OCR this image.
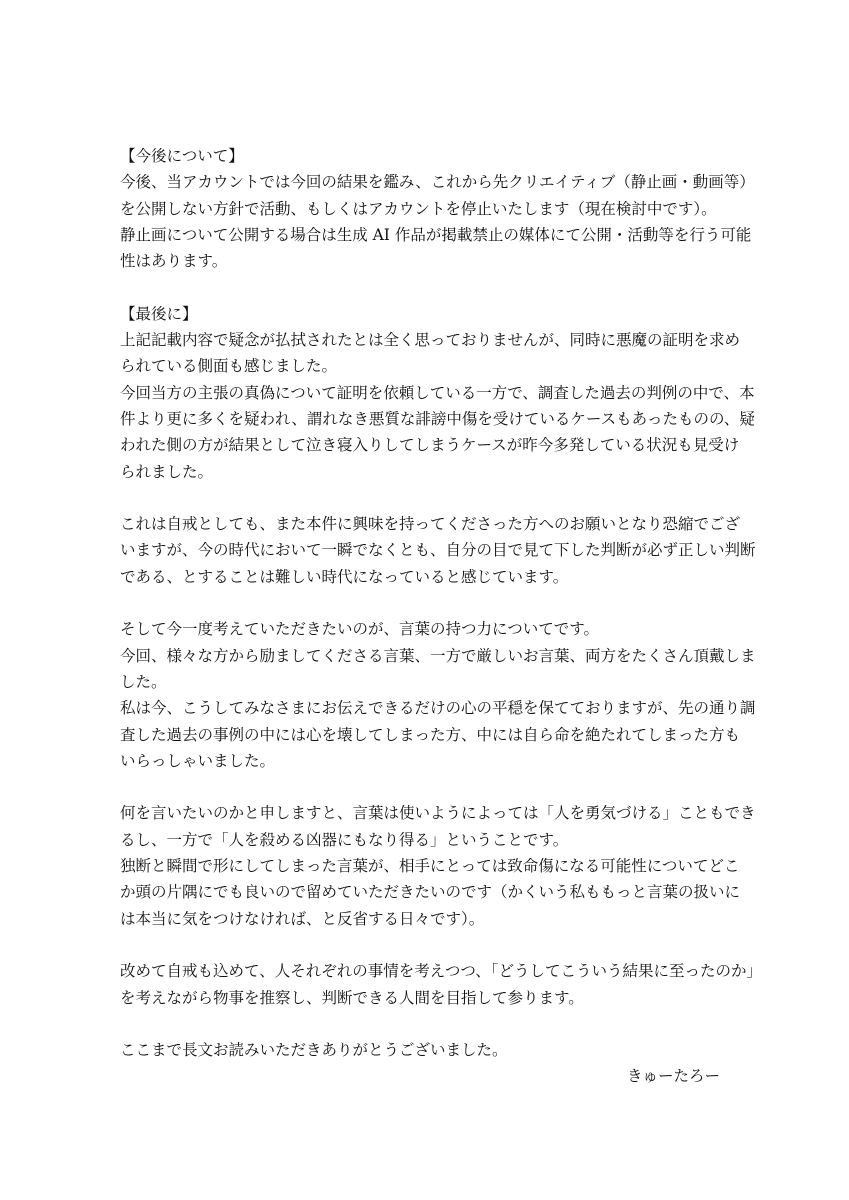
【今後について】
今後、当アカウントでは今回の結果を鑑み、これから先クリエイティブ（静止画・動画等）
を公開しない方針で活動、もしくはアカウントを停止いたします（現在検討中です）。
静止画について公開する場合は生成 AI 作品が掲載禁止の媒体にて公開・活動等を行う可能
性はあります。
【最後に】
上記記載内容で疑念が払拭されたとは全く思っておりませんが、同時に悪魔の証明を求め
られている側面も感じました。
今回当方の主張の真偽について証明を依頼している一方で、調査した過去の判例の中で、本
件より更に多くを疑われ、謂れなき悪質な誹謗中傷を受けているケースもあったものの、疑
われた側の方が結果として泣き寝入りしてしまうケースが昨今多発している状況も見受け
られました。
これは自戒としても、また本件に興味を持ってくださった方へのお願いとなり恐縮でござ
いますが、今の時代において一瞬でなくとも、自分の目で見て下した判断が必ず正しい判断
である、とすることは難しい時代になっていると感じています。
そして今一度考えていただきたいのが、言葉の持つ力についてです。
今回、様々な方から励ましてくださる言葉、一方で厳しいお言葉、両方をたくさん頂戴しま
した。
私は今、こうしてみなさまにお伝えできるだけの心の平穏を保てておりますが、先の通り調
査した過去の事例の中には心を壊してしまった方、中には自ら命を絶たれてしまった方も
いらっしゃいました。
何を言いたいのかと申しますと、言葉は使いようによっては「人を勇気づける」こともでき
るし、一方で「人を殺める凶器にもなり得る」ということです。
独断と瞬間で形にしてしまった言葉が、相手にとっては致命傷になる可能性についてどこ
か頭の片隅にでも良いので留めていただきたいのです（かくいう私ももっと言葉の扱いに
は本当に気をつけなければ、と反省する日々です）。
改めて自戒も込めて、人それぞれの事情を考えつつ、「どうしてこういう結果に至ったのか」
を考えながら物事を推察し、判断できる人間を目指して参ります。
ここまで長文お読みいただきありがとうございました。
きゅーたろー
